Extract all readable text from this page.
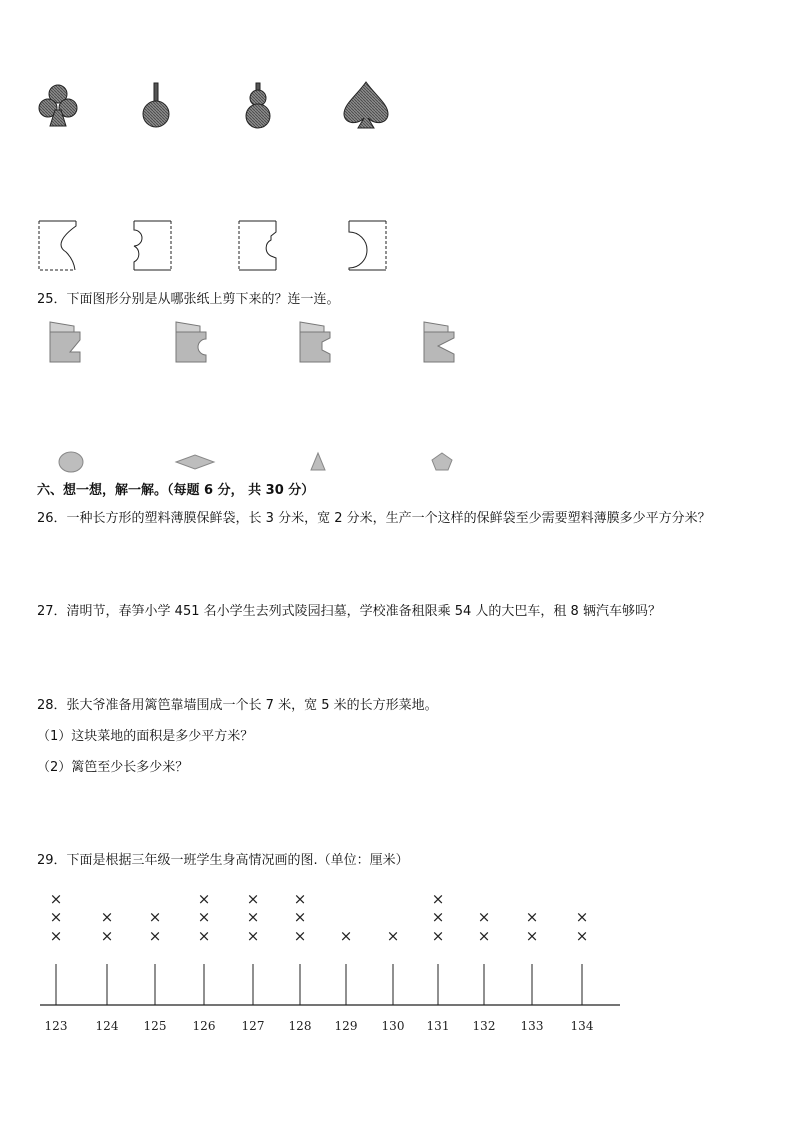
25．下面图形分别是从哪张纸上剪下来的？连一连。
六、想一想，解一解。（每题 6 分， 共 30 分）
26．一种长方形的塑料薄膜保鲜袋，长 3 分米，宽 2 分米，生产一个这样的保鲜袋至少需要塑料薄膜多少平方分米？
27．清明节，春笋小学 451 名小学生去列式陵园扫墓，学校准备租限乘 54 人的大巴车，租 8 辆汽车够吗？
28．张大爷准备用篱笆靠墙围成一个长 7 米，宽 5 米的长方形菜地。
（1）这块菜地的面积是多少平方米？
（2）篱笆至少长多少米？
29．下面是根据三年级一班学生身高情况画的图.（单位：厘米）
123
×
×
×
124
×
×
125
×
×
126
×
×
×
127
×
×
×
128
×
×
×
129
×
130
×
131
×
×
×
132
×
×
133
×
×
134
×
×
